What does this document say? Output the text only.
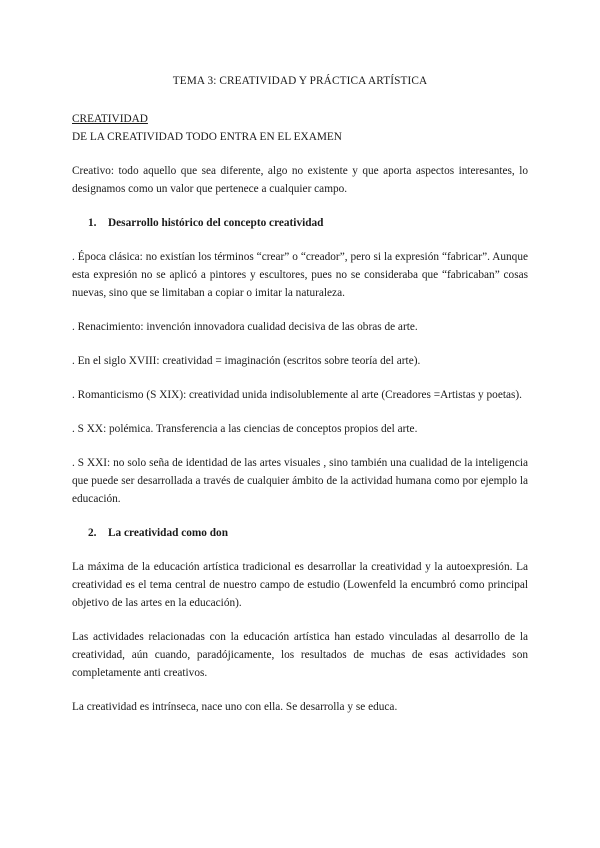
TEMA 3: CREATIVIDAD Y PRÁCTICA ARTÍSTICA
CREATIVIDAD
DE LA CREATIVIDAD TODO ENTRA EN EL EXAMEN

Creativo: todo aquello que sea diferente, algo no existente y que aporta aspectos interesantes, lo designamos como un valor que pertenece a cualquier campo.

1. Desarrollo histórico del concepto creatividad

. Época clásica: no existían los términos “crear” o “creador”, pero si la expresión “fabricar”. Aunque esta expresión no se aplicó a pintores y escultores, pues no se consideraba que “fabricaban” cosas nuevas, sino que se limitaban a copiar o imitar la naturaleza.

. Renacimiento: invención innovadora cualidad decisiva de las obras de arte.

. En el siglo XVIII: creatividad = imaginación (escritos sobre teoría del arte).

. Romanticismo (S XIX): creatividad unida indisolublemente al arte (Creadores =Artistas y poetas).

. S XX: polémica. Transferencia a las ciencias de conceptos propios del arte.

. S XXI: no solo seña de identidad de las artes visuales , sino también una cualidad de la inteligencia que puede ser desarrollada a través de cualquier ámbito de la actividad humana como por ejemplo la educación.

2. La creatividad como don

La máxima de la educación artística tradicional es desarrollar la creatividad y la autoexpresión. La creatividad es el tema central de nuestro campo de estudio (Lowenfeld la encumbró como principal objetivo de las artes en la educación).

Las actividades relacionadas con la educación artística han estado vinculadas al desarrollo de la creatividad, aún cuando, paradójicamente, los resultados de muchas de esas actividades son completamente anti creativos.

La creatividad es intrínseca, nace uno con ella. Se desarrolla y se educa.
